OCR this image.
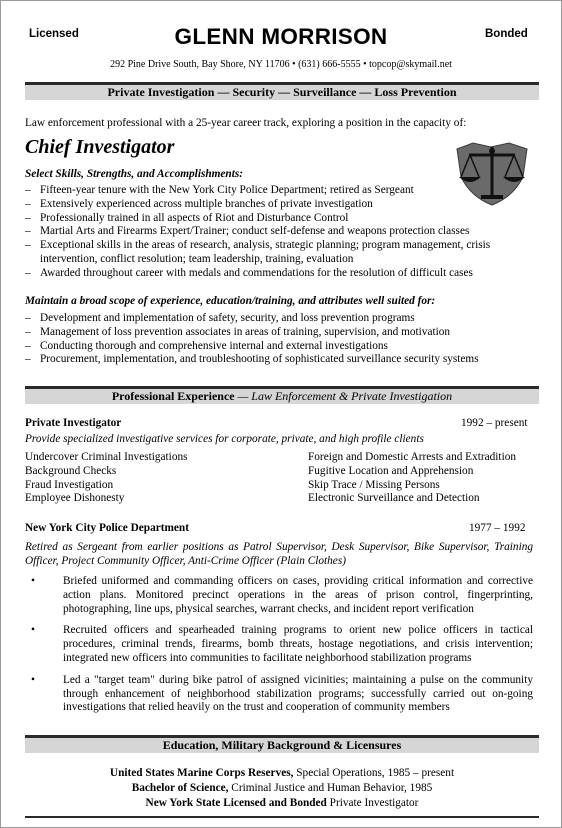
Licensed	Bonded
GLENN MORRISON
292 Pine Drive South, Bay Shore, NY 11706 • (631) 666-5555 • topcop@skymail.net
Private Investigation — Security — Surveillance — Loss Prevention
Law enforcement professional with a 25-year career track, exploring a position in the capacity of:
Chief Investigator
Select Skills, Strengths, and Accomplishments:
– Fifteen-year tenure with the New York City Police Department; retired as Sergeant
– Extensively experienced across multiple branches of private investigation
– Professionally trained in all aspects of Riot and Disturbance Control
– Martial Arts and Firearms Expert/Trainer; conduct self-defense and weapons protection classes
– Exceptional skills in the areas of research, analysis, strategic planning; program management, crisis intervention, conflict resolution; team leadership, training, evaluation
– Awarded throughout career with medals and commendations for the resolution of difficult cases
Maintain a broad scope of experience, education/training, and attributes well suited for:
– Development and implementation of safety, security, and loss prevention programs
– Management of loss prevention associates in areas of training, supervision, and motivation
– Conducting thorough and comprehensive internal and external investigations
– Procurement, implementation, and troubleshooting of sophisticated surveillance security systems
Professional Experience — Law Enforcement & Private Investigation
Private Investigator	1992 – present
Provide specialized investigative services for corporate, private, and high profile clients
Undercover Criminal Investigations	Foreign and Domestic Arrests and Extradition
Background Checks	Fugitive Location and Apprehension
Fraud Investigation	Skip Trace / Missing Persons
Employee Dishonesty	Electronic Surveillance and Detection
New York City Police Department	1977 – 1992
Retired as Sergeant from earlier positions as Patrol Supervisor, Desk Supervisor, Bike Supervisor, Training Officer, Project Community Officer, Anti-Crime Officer (Plain Clothes)
• Briefed uniformed and commanding officers on cases, providing critical information and corrective action plans. Monitored precinct operations in the areas of prison control, fingerprinting, photographing, line ups, physical searches, warrant checks, and incident report verification
• Recruited officers and spearheaded training programs to orient new police officers in tactical procedures, criminal trends, firearms, bomb threats, hostage negotiations, and crisis intervention; integrated new officers into communities to facilitate neighborhood stabilization programs
• Led a "target team" during bike patrol of assigned vicinities; maintaining a pulse on the community through enhancement of neighborhood stabilization programs; successfully carried out on-going investigations that relied heavily on the trust and cooperation of community members
Education, Military Background & Licensures
United States Marine Corps Reserves, Special Operations, 1985 – present
Bachelor of Science, Criminal Justice and Human Behavior, 1985
New York State Licensed and Bonded Private Investigator
